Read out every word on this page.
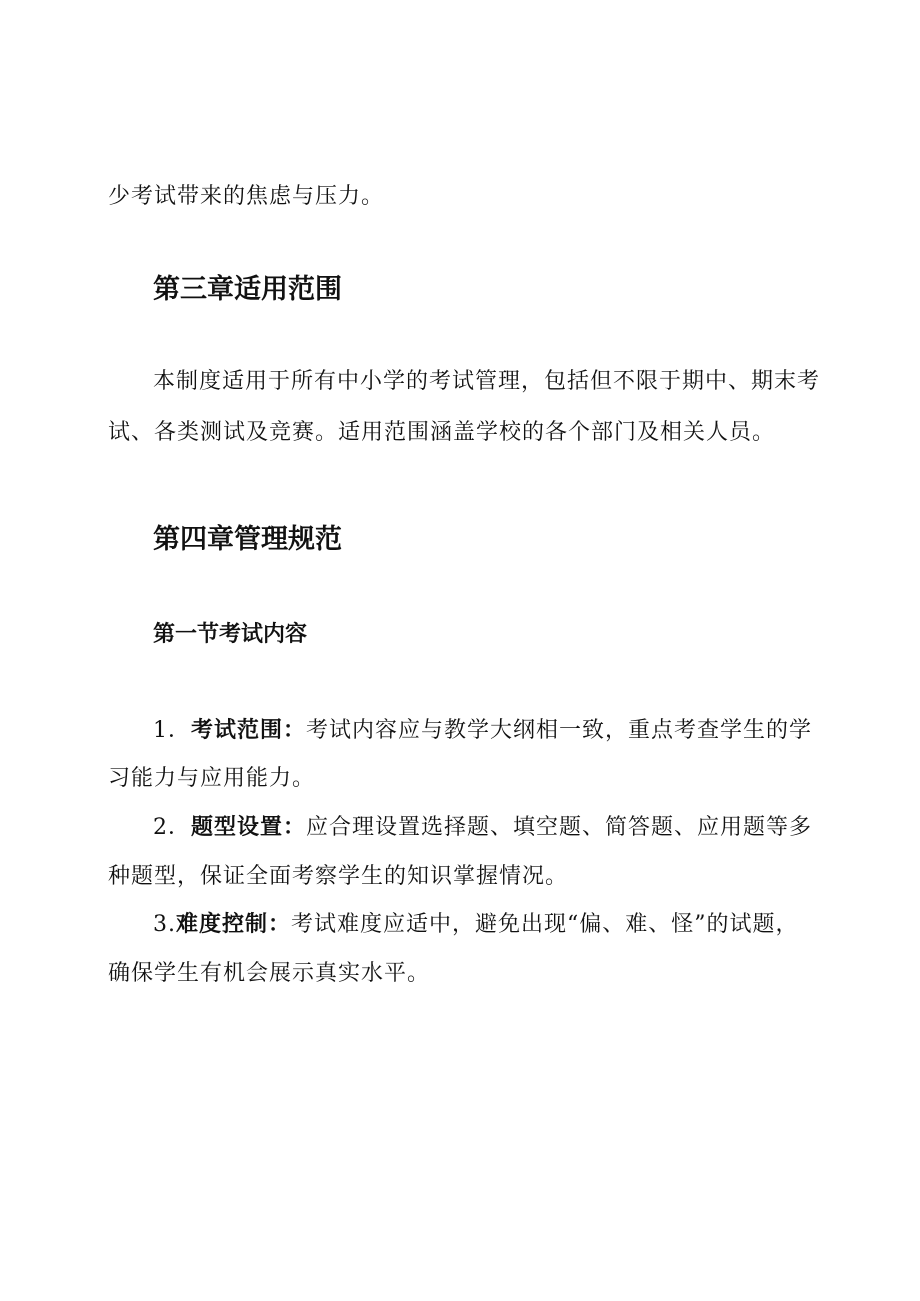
少考试带来的焦虑与压力。

第三章适用范围

本制度适用于所有中小学的考试管理，包括但不限于期中、期末考

试、各类测试及竞赛。适用范围涵盖学校的各个部门及相关人员。

第四章管理规范
第一节考试内容

1．考试范围：考试内容应与教学大纲相一致，重点考查学生的学

习能力与应用能力。

2．题型设置：应合理设置选择题、填空题、简答题、应用题等多

种题型，保证全面考察学生的知识掌握情况。

3.难度控制：考试难度应适中，避免出现“偏、难、怪”的试题，

确保学生有机会展示真实水平。
